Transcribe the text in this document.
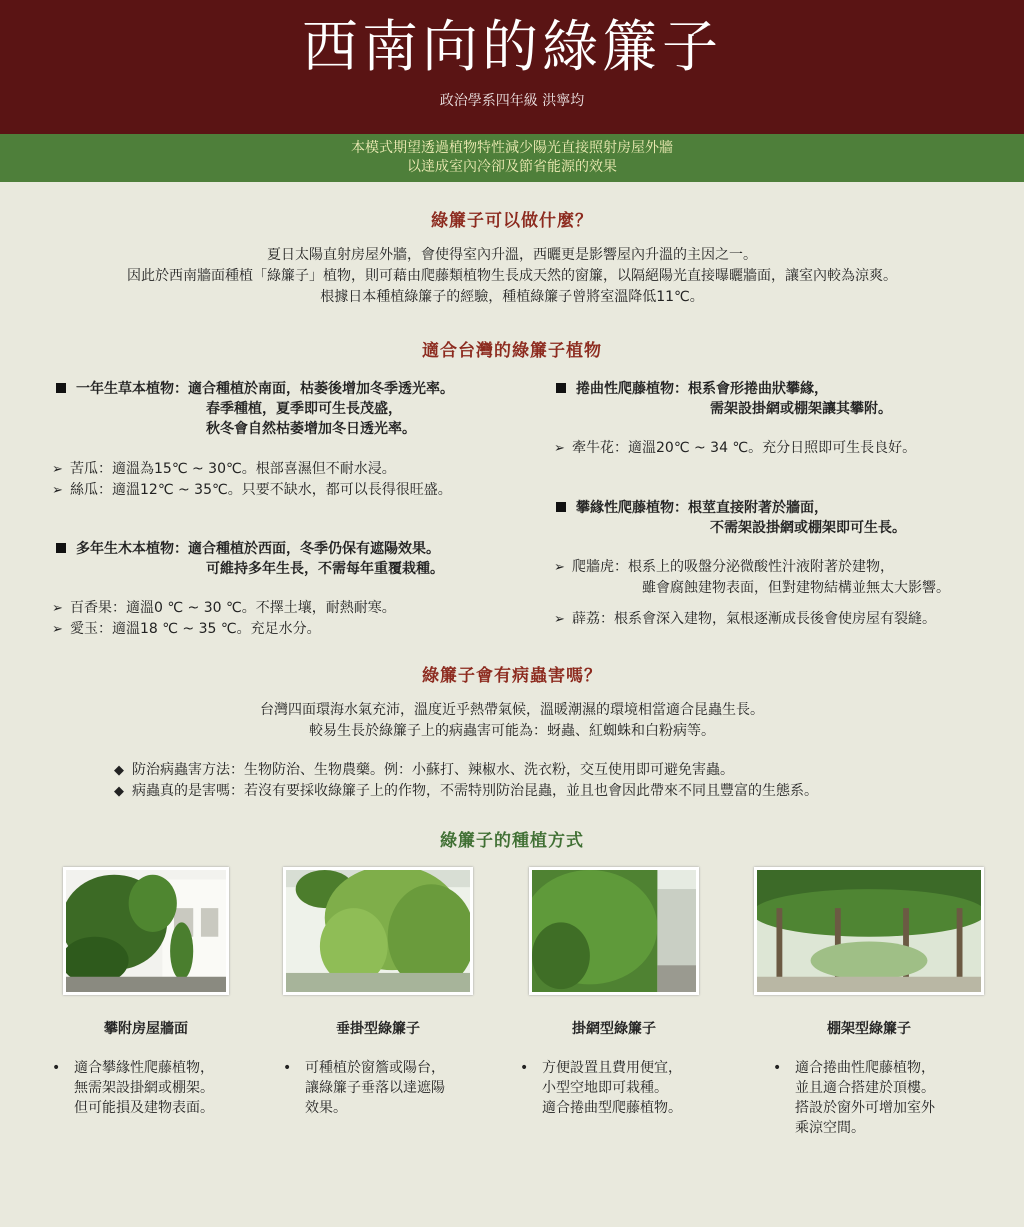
西南向的綠簾子
政治學系四年級 洪寧均
本模式期望透過植物特性減少陽光直接照射房屋外牆
以達成室內冷卻及節省能源的效果
綠簾子可以做什麼？
夏日太陽直射房屋外牆，會使得室內升溫，西曬更是影響屋內升溫的主因之一。
因此於西南牆面種植「綠簾子」植物，則可藉由爬藤類植物生長成天然的窗簾，以隔絕陽光直接曝曬牆面，讓室內較為涼爽。
根據日本種植綠簾子的經驗，種植綠簾子曾將室溫降低11℃。
適合台灣的綠簾子植物
一年生草本植物：適合種植於南面，枯萎後增加冬季透光率。
春季種植，夏季即可生長茂盛，
秋冬會自然枯萎增加冬日透光率。
➢ 苦瓜：適溫為15℃ ~ 30℃。根部喜濕但不耐水浸。
➢ 絲瓜：適溫12℃ ~ 35℃。只要不缺水，都可以長得很旺盛。
多年生木本植物：適合種植於西面，冬季仍保有遮陽效果。
可維持多年生長，不需每年重覆栽種。
➢ 百香果：適溫0 ℃ ~ 30 ℃。不擇土壤，耐熱耐寒。
➢ 愛玉：適溫18 ℃ ~ 35 ℃。充足水分。
捲曲性爬藤植物：根系會形捲曲狀攀緣，
需架設掛網或棚架讓其攀附。
➢ 牽牛花：適溫20℃ ~ 34 ℃。充分日照即可生長良好。
攀緣性爬藤植物：根莖直接附著於牆面，
不需架設掛網或棚架即可生長。
➢ 爬牆虎：根系上的吸盤分泌微酸性汁液附著於建物，
雖會腐蝕建物表面，但對建物結構並無太大影響。
➢ 薜荔：根系會深入建物，氣根逐漸成長後會使房屋有裂縫。
綠簾子會有病蟲害嗎？
台灣四面環海水氣充沛，溫度近乎熱帶氣候，溫暖潮濕的環境相當適合昆蟲生長。
較易生長於綠簾子上的病蟲害可能為：蚜蟲、紅蜘蛛和白粉病等。
◆ 防治病蟲害方法：生物防治、生物農藥。例：小蘇打、辣椒水、洗衣粉，交互使用即可避免害蟲。
◆ 病蟲真的是害嗎：若沒有要採收綠簾子上的作物，不需特別防治昆蟲，並且也會因此帶來不同且豐富的生態系。
綠簾子的種植方式
攀附房屋牆面	垂掛型綠簾子	掛網型綠簾子	棚架型綠簾子
• 適合攀緣性爬藤植物，
無需架設掛網或棚架。
但可能損及建物表面。
• 可種植於窗簷或陽台，
讓綠簾子垂落以達遮陽
效果。
• 方便設置且費用便宜，
小型空地即可栽種。
適合捲曲型爬藤植物。
• 適合捲曲性爬藤植物，
並且適合搭建於頂樓。
搭設於窗外可增加室外
乘涼空間。
